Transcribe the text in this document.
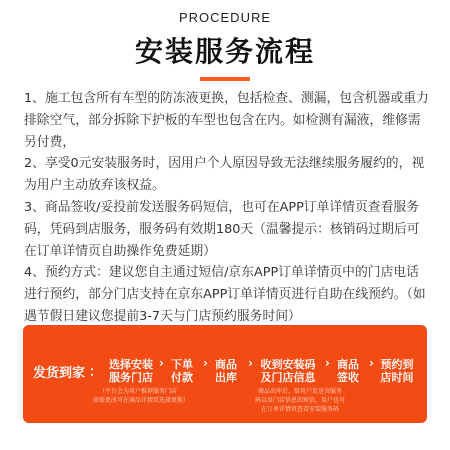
PROCEDURE
安装服务流程
1、施工包含所有车型的防冻液更换，包括检查、测漏，包含机器或重力排除空气，部分拆除下护板的车型也包含在内。如检测有漏液，维修需另付费，
2、享受0元安装服务时，因用户个人原因导致无法继续服务履约的，视为用户主动放弃该权益。
3、商品签收/妥投前发送服务码短信，也可在APP订单详情页查看服务码，凭码到店服务，服务码有效期180天（温馨提示：核销码过期后可在订单详情页自助操作免费延期）
4、预约方式：建议您自主通过短信/京东APP订单详情页中的门店电话进行预约，部分门店支持在京东APP订单详情页进行自助在线预约。（如遇节假日建议您提前3-7天与门店预约服务时间）
发货到家 ：
选择安装
服务门店
› 下单
付款
› 商品
出库
› 收到安装码
及门店信息
› 商品
签收
› 预约到
店时间
（平台会为用户推荐服务门店
如需更改可在商品详情页选择更换）
商品出库后，给用户发送含服务
码以及门店信息的短信，用户也可
在订单详情页查看安装服务码
